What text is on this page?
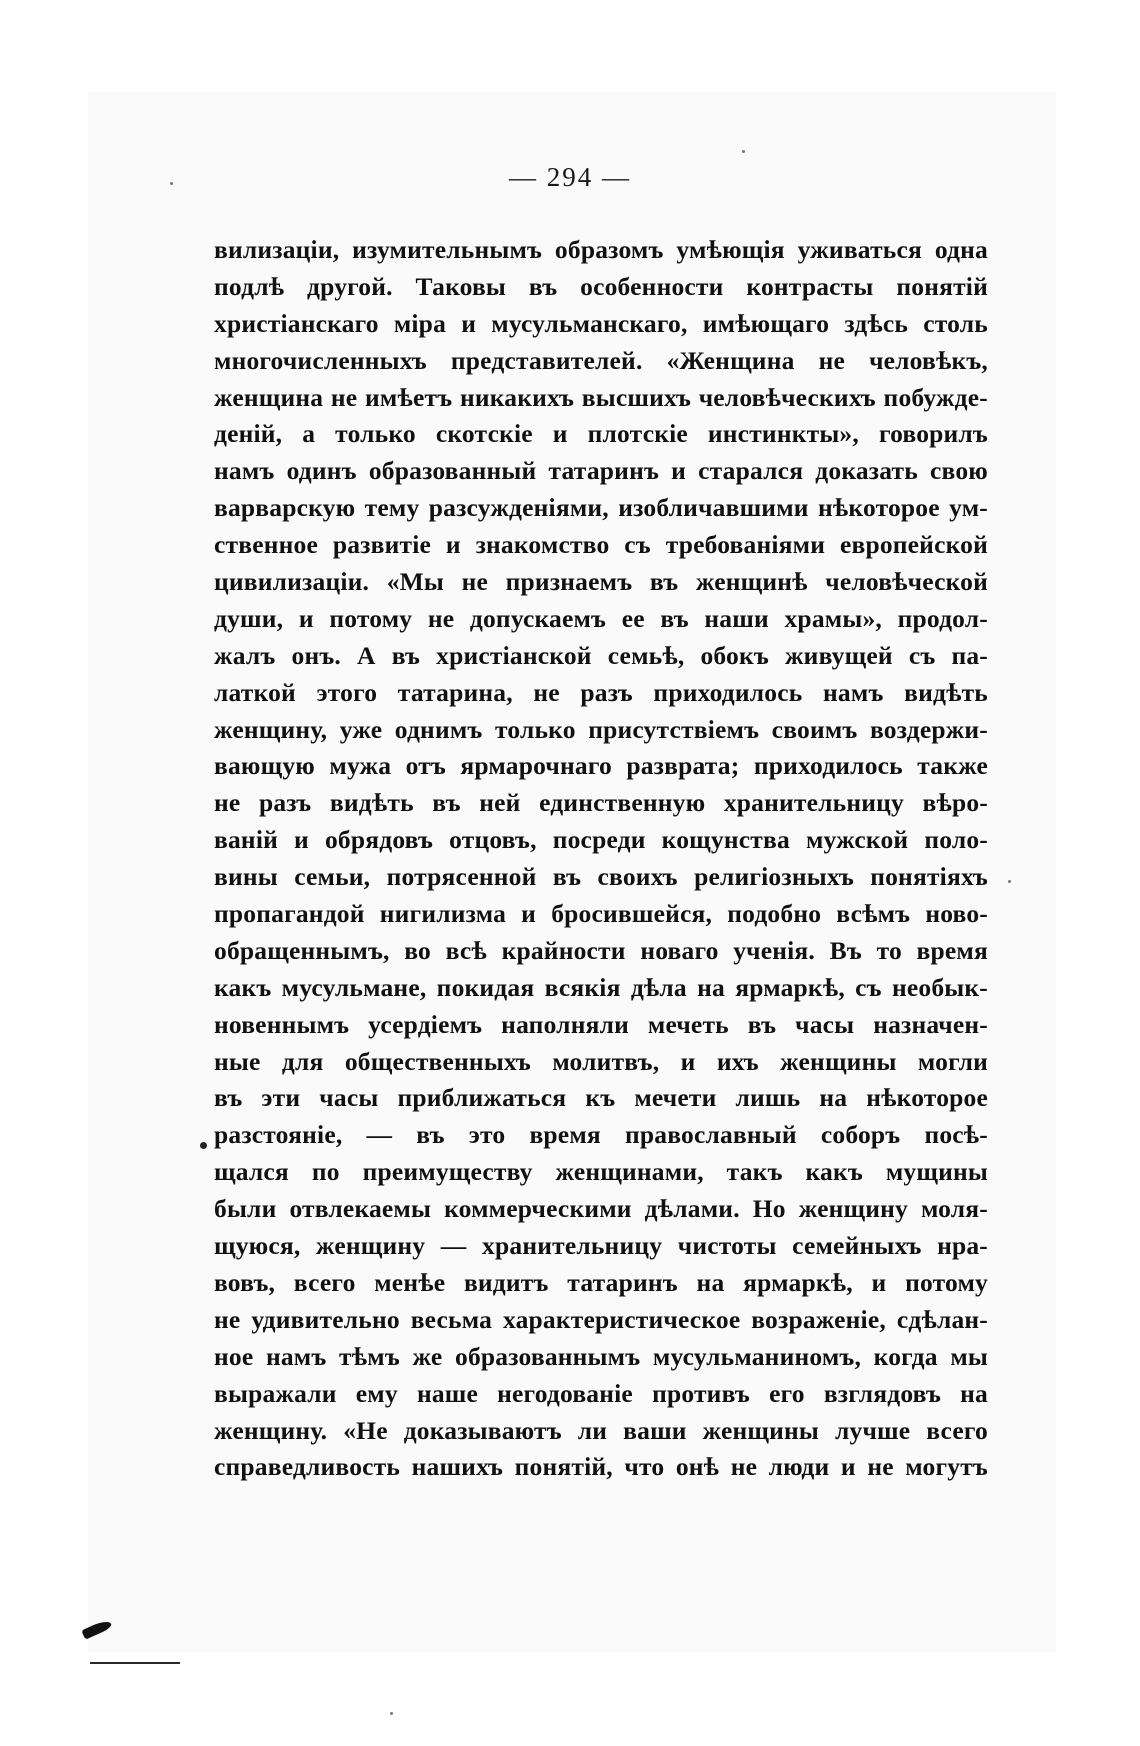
— 294 —
вилизаціи, изумительнымъ образомъ умѣющія уживаться одна
подлѣ другой. Таковы въ особенности контрасты понятій
христіанскаго міра и мусульманскаго, имѣющаго здѣсь столь
многочисленныхъ представителей. «Женщина не человѣкъ,
женщина не имѣетъ никакихъ высшихъ человѣческихъ побужде-
деній, а только скотскіе и плотскіе инстинкты», говорилъ
намъ одинъ образованный татаринъ и старался доказать свою
варварскую тему разсужденіями, изобличавшими нѣкоторое ум-
ственное развитіе и знакомство съ требованіями европейской
цивилизаціи. «Мы не признаемъ въ женщинѣ человѣческой
души, и потому не допускаемъ ее въ наши храмы», продол-
жалъ онъ. А въ христіанской семьѣ, обокъ живущей съ па-
латкой этого татарина, не разъ приходилось намъ видѣть
женщину, уже однимъ только присутствіемъ своимъ воздержи-
вающую мужа отъ ярмарочнаго разврата; приходилось также
не разъ видѣть въ ней единственную хранительницу вѣро-
ваній и обрядовъ отцовъ, посреди кощунства мужской поло-
вины семьи, потрясенной въ своихъ религіозныхъ понятіяхъ
пропагандой нигилизма и бросившейся, подобно всѣмъ ново-
обращеннымъ, во всѣ крайности новаго ученія. Въ то время
какъ мусульмане, покидая всякія дѣла на ярмаркѣ, съ необык-
новеннымъ усердіемъ наполняли мечеть въ часы назначен-
ные для общественныхъ молитвъ, и ихъ женщины могли
въ эти часы приближаться къ мечети лишь на нѣкоторое
разстояніе, — въ это время православный соборъ посѣ-
щался по преимуществу женщинами, такъ какъ мущины
были отвлекаемы коммерческими дѣлами. Но женщину моля-
щуюся, женщину — хранительницу чистоты семейныхъ нра-
вовъ, всего менѣе видитъ татаринъ на ярмаркѣ, и потому
не удивительно весьма характеристическое возраженіе, сдѣлан-
ное намъ тѣмъ же образованнымъ мусульманиномъ, когда мы
выражали ему наше негодованіе противъ его взглядовъ на
женщину. «Не доказываютъ ли ваши женщины лучше всего
справедливость нашихъ понятій, что онѣ не люди и не могутъ
